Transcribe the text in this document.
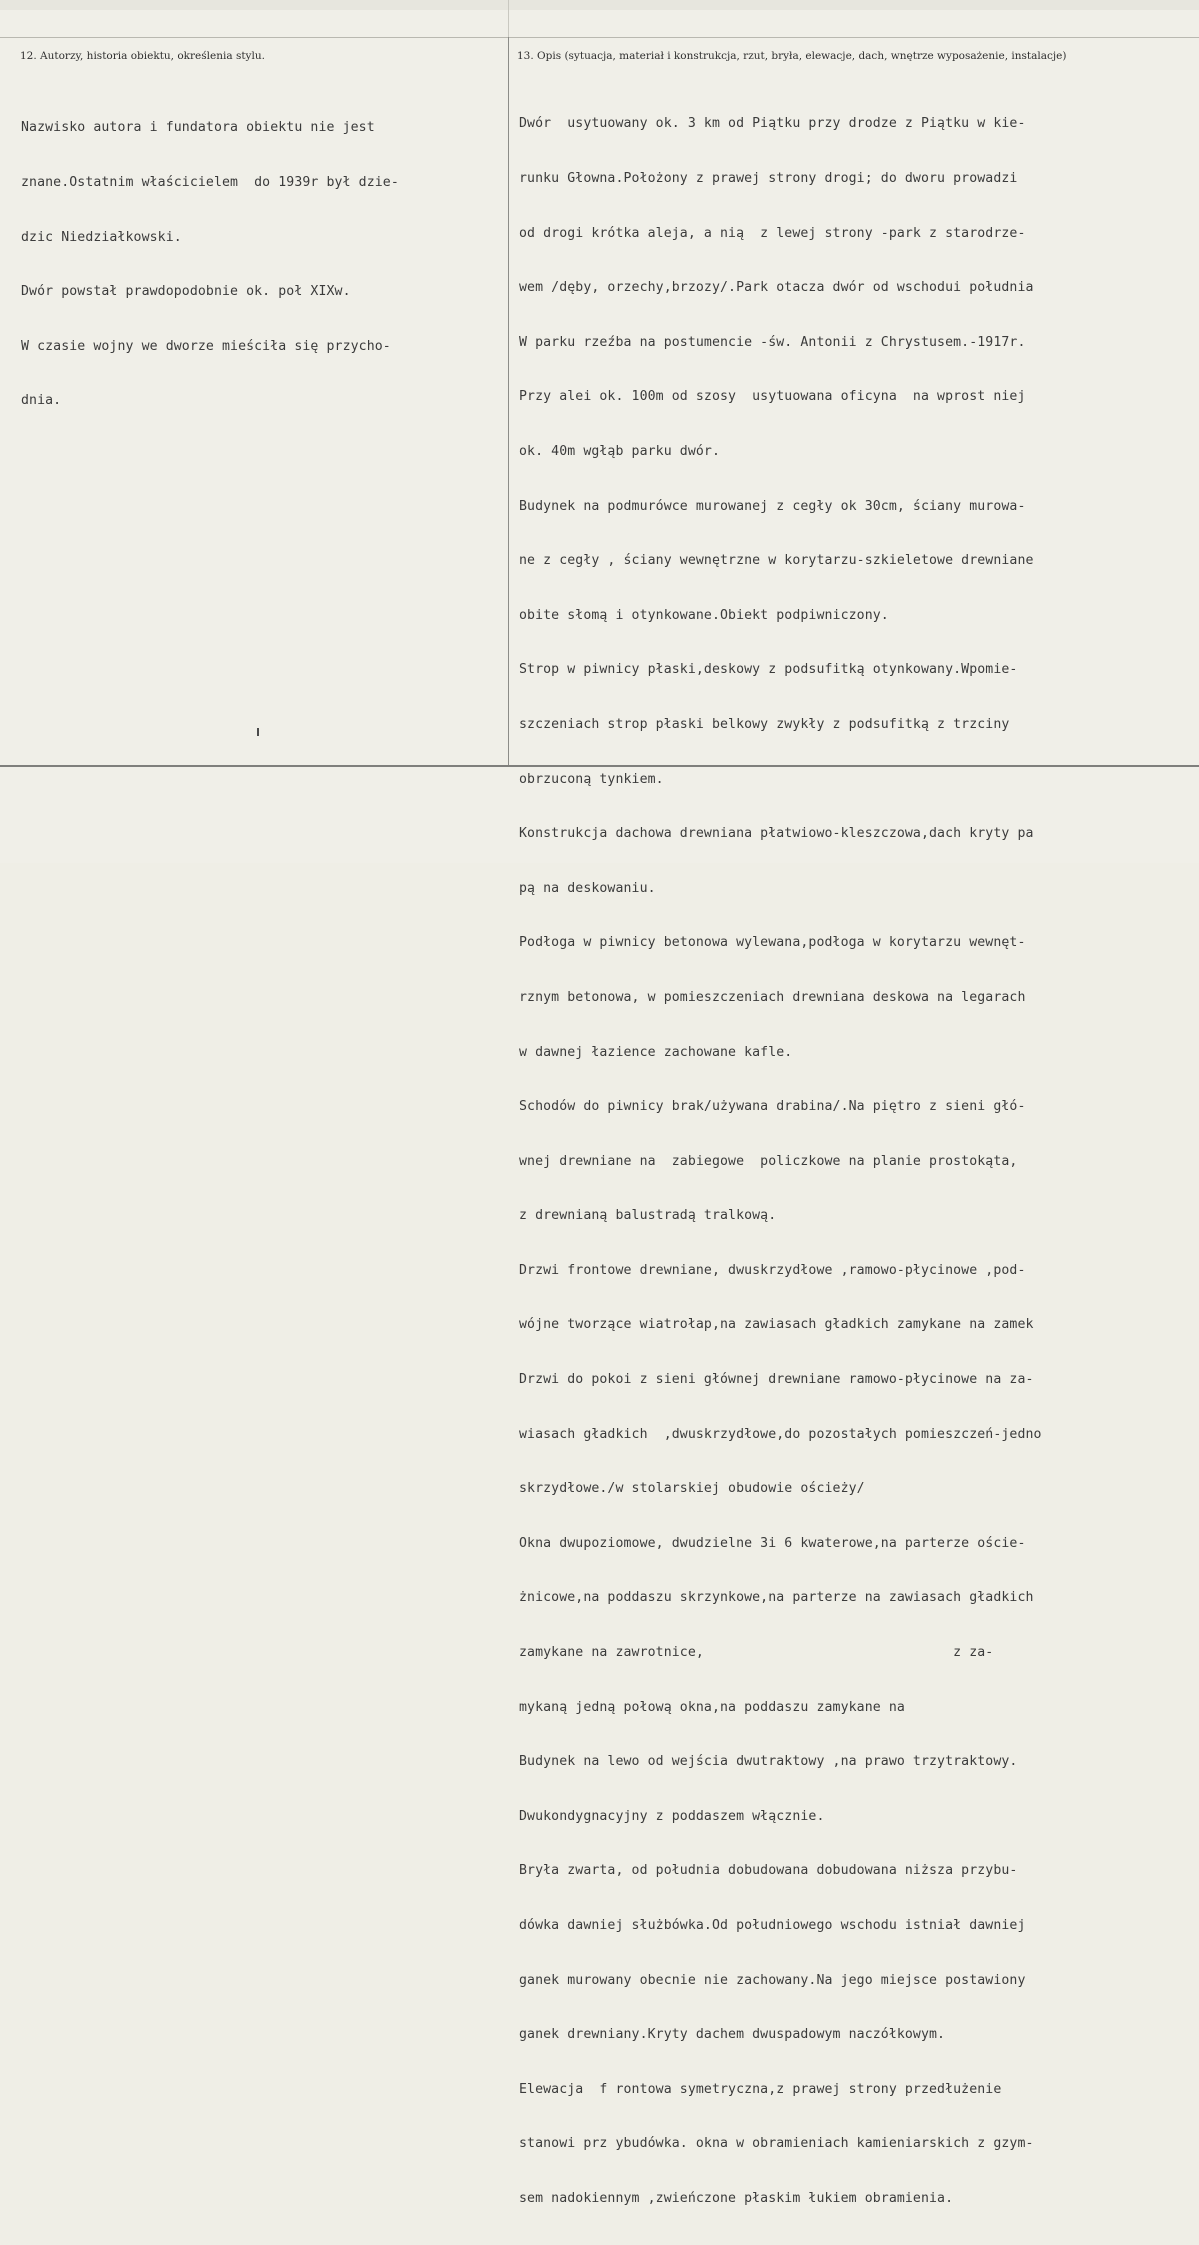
12. Autorzy, historia obiektu, określenia stylu.	13. Opis (sytuacja, materiał i konstrukcja, rzut, bryła, elewacje, dach, wnętrze wyposażenie, instalacje)

Nazwisko autora i fundatora obiektu nie jest

znane.Ostatnim właścicielem  do 1939r był dzie-

dzic Niedziałkowski.

Dwór powstał prawdopodobnie ok. poł XIXw.

W czasie wojny we dworze mieściła się przycho-

dnia.

Dwór  usytuowany ok. 3 km od Piątku przy drodze z Piątku w kie-

runku Głowna.Położony z prawej strony drogi; do dworu prowadzi

od drogi krótka aleja, a nią  z lewej strony -park z starodrze-

wem /dęby, orzechy,brzozy/.Park otacza dwór od wschodui południa

W parku rzeźba na postumencie -św. Antonii z Chrystusem.-1917r.

Przy alei ok. 100m od szosy  usytuowana oficyna  na wprost niej

ok. 40m wgłąb parku dwór.

Budynek na podmurówce murowanej z cegły ok 30cm, ściany murowa-

ne z cegły , ściany wewnętrzne w korytarzu-szkieletowe drewniane

obite słomą i otynkowane.Obiekt podpiwniczony.

Strop w piwnicy płaski,deskowy z podsufitką otynkowany.Wpomie-

szczeniach strop płaski belkowy zwykły z podsufitką z trzciny

obrzuconą tynkiem.

Konstrukcja dachowa drewniana płatwiowo-kleszczowa,dach kryty pa

pą na deskowaniu.

Podłoga w piwnicy betonowa wylewana,podłoga w korytarzu wewnęt-

rznym betonowa, w pomieszczeniach drewniana deskowa na legarach

w dawnej łazience zachowane kafle.

Schodów do piwnicy brak/używana drabina/.Na piętro z sieni głó-

wnej drewniane na  zabiegowe  policzkowe na planie prostokąta,

z drewnianą balustradą tralkową.

Drzwi frontowe drewniane, dwuskrzydłowe ,ramowo-płycinowe ,pod-

wójne tworzące wiatrołap,na zawiasach gładkich zamykane na zamek

Drzwi do pokoi z sieni głównej drewniane ramowo-płycinowe na za-

wiasach gładkich  ,dwuskrzydłowe,do pozostałych pomieszczeń-jedno

skrzydłowe./w stolarskiej obudowie ościeży/

Okna dwupoziomowe, dwudzielne 3i 6 kwaterowe,na parterze oście-

żnicowe,na poddaszu skrzynkowe,na parterze na zawiasach gładkich

zamykane na zawrotnice,                               z za-

mykaną jedną połową okna,na poddaszu zamykane na

Budynek na lewo od wejścia dwutraktowy ,na prawo trzytraktowy.

Dwukondygnacyjny z poddaszem włącznie.

Bryła zwarta, od południa dobudowana dobudowana niższa przybu-

dówka dawniej służbówka.Od południowego wschodu istniał dawniej

ganek murowany obecnie nie zachowany.Na jego miejsce postawiony

ganek drewniany.Kryty dachem dwuspadowym naczółkowym.

Elewacja  f rontowa symetryczna,z prawej strony przedłużenie

stanowi prz ybudówka. okna w obramieniach kamieniarskich z gzym-

sem nadokiennym ,zwieńczone płaskim łukiem obramienia.
